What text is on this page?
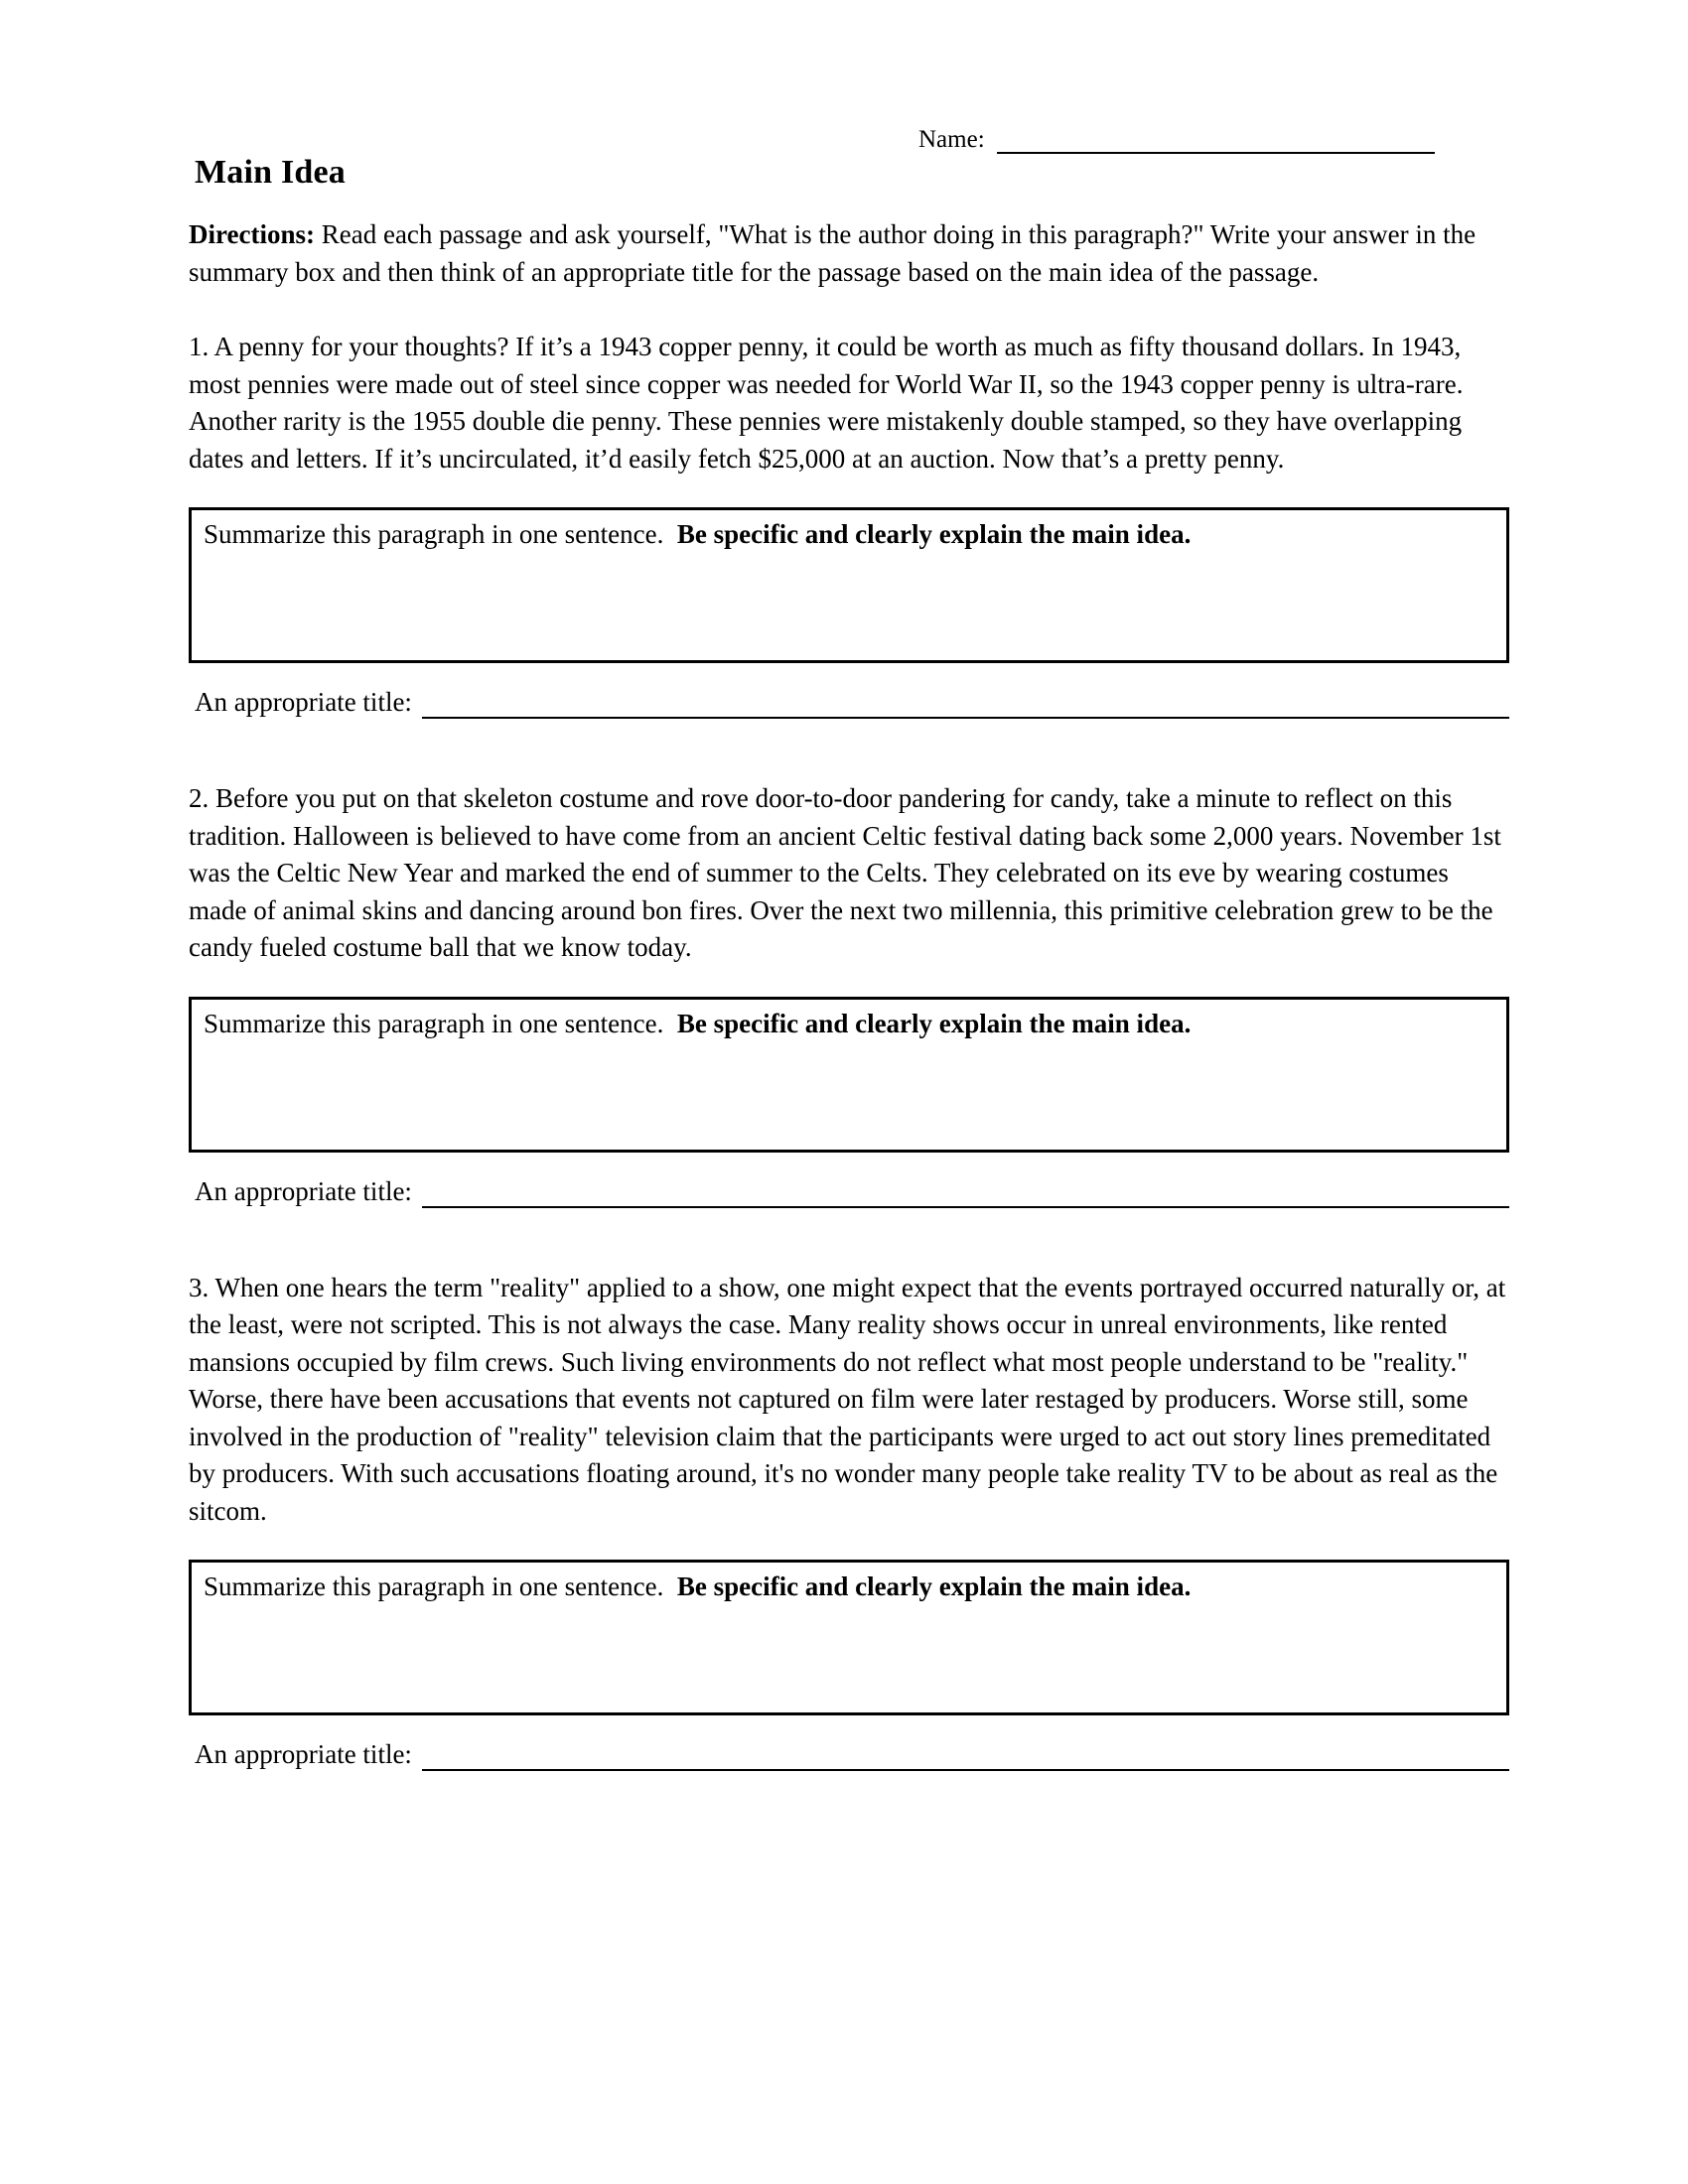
Name:
Main Idea

Directions: Read each passage and ask yourself, "What is the author doing in this paragraph?" Write your answer in the summary box and then think of an appropriate title for the passage based on the main idea of the passage.

1. A penny for your thoughts? If it’s a 1943 copper penny, it could be worth as much as fifty thousand dollars. In 1943, most pennies were made out of steel since copper was needed for World War II, so the 1943 copper penny is ultra-rare. Another rarity is the 1955 double die penny. These pennies were mistakenly double stamped, so they have overlapping dates and letters. If it’s uncirculated, it’d easily fetch $25,000 at an auction. Now that’s a pretty penny.

Summarize this paragraph in one sentence. Be specific and clearly explain the main idea.
An appropriate title:

2. Before you put on that skeleton costume and rove door-to-door pandering for candy, take a minute to reflect on this tradition. Halloween is believed to have come from an ancient Celtic festival dating back some 2,000 years. November 1st was the Celtic New Year and marked the end of summer to the Celts. They celebrated on its eve by wearing costumes made of animal skins and dancing around bon fires. Over the next two millennia, this primitive celebration grew to be the candy fueled costume ball that we know today.

Summarize this paragraph in one sentence. Be specific and clearly explain the main idea.
An appropriate title:

3. When one hears the term "reality" applied to a show, one might expect that the events portrayed occurred naturally or, at the least, were not scripted. This is not always the case. Many reality shows occur in unreal environments, like rented mansions occupied by film crews. Such living environments do not reflect what most people understand to be "reality." Worse, there have been accusations that events not captured on film were later restaged by producers. Worse still, some involved in the production of "reality" television claim that the participants were urged to act out story lines premeditated by producers. With such accusations floating around, it's no wonder many people take reality TV to be about as real as the sitcom.

Summarize this paragraph in one sentence. Be specific and clearly explain the main idea.
An appropriate title:
